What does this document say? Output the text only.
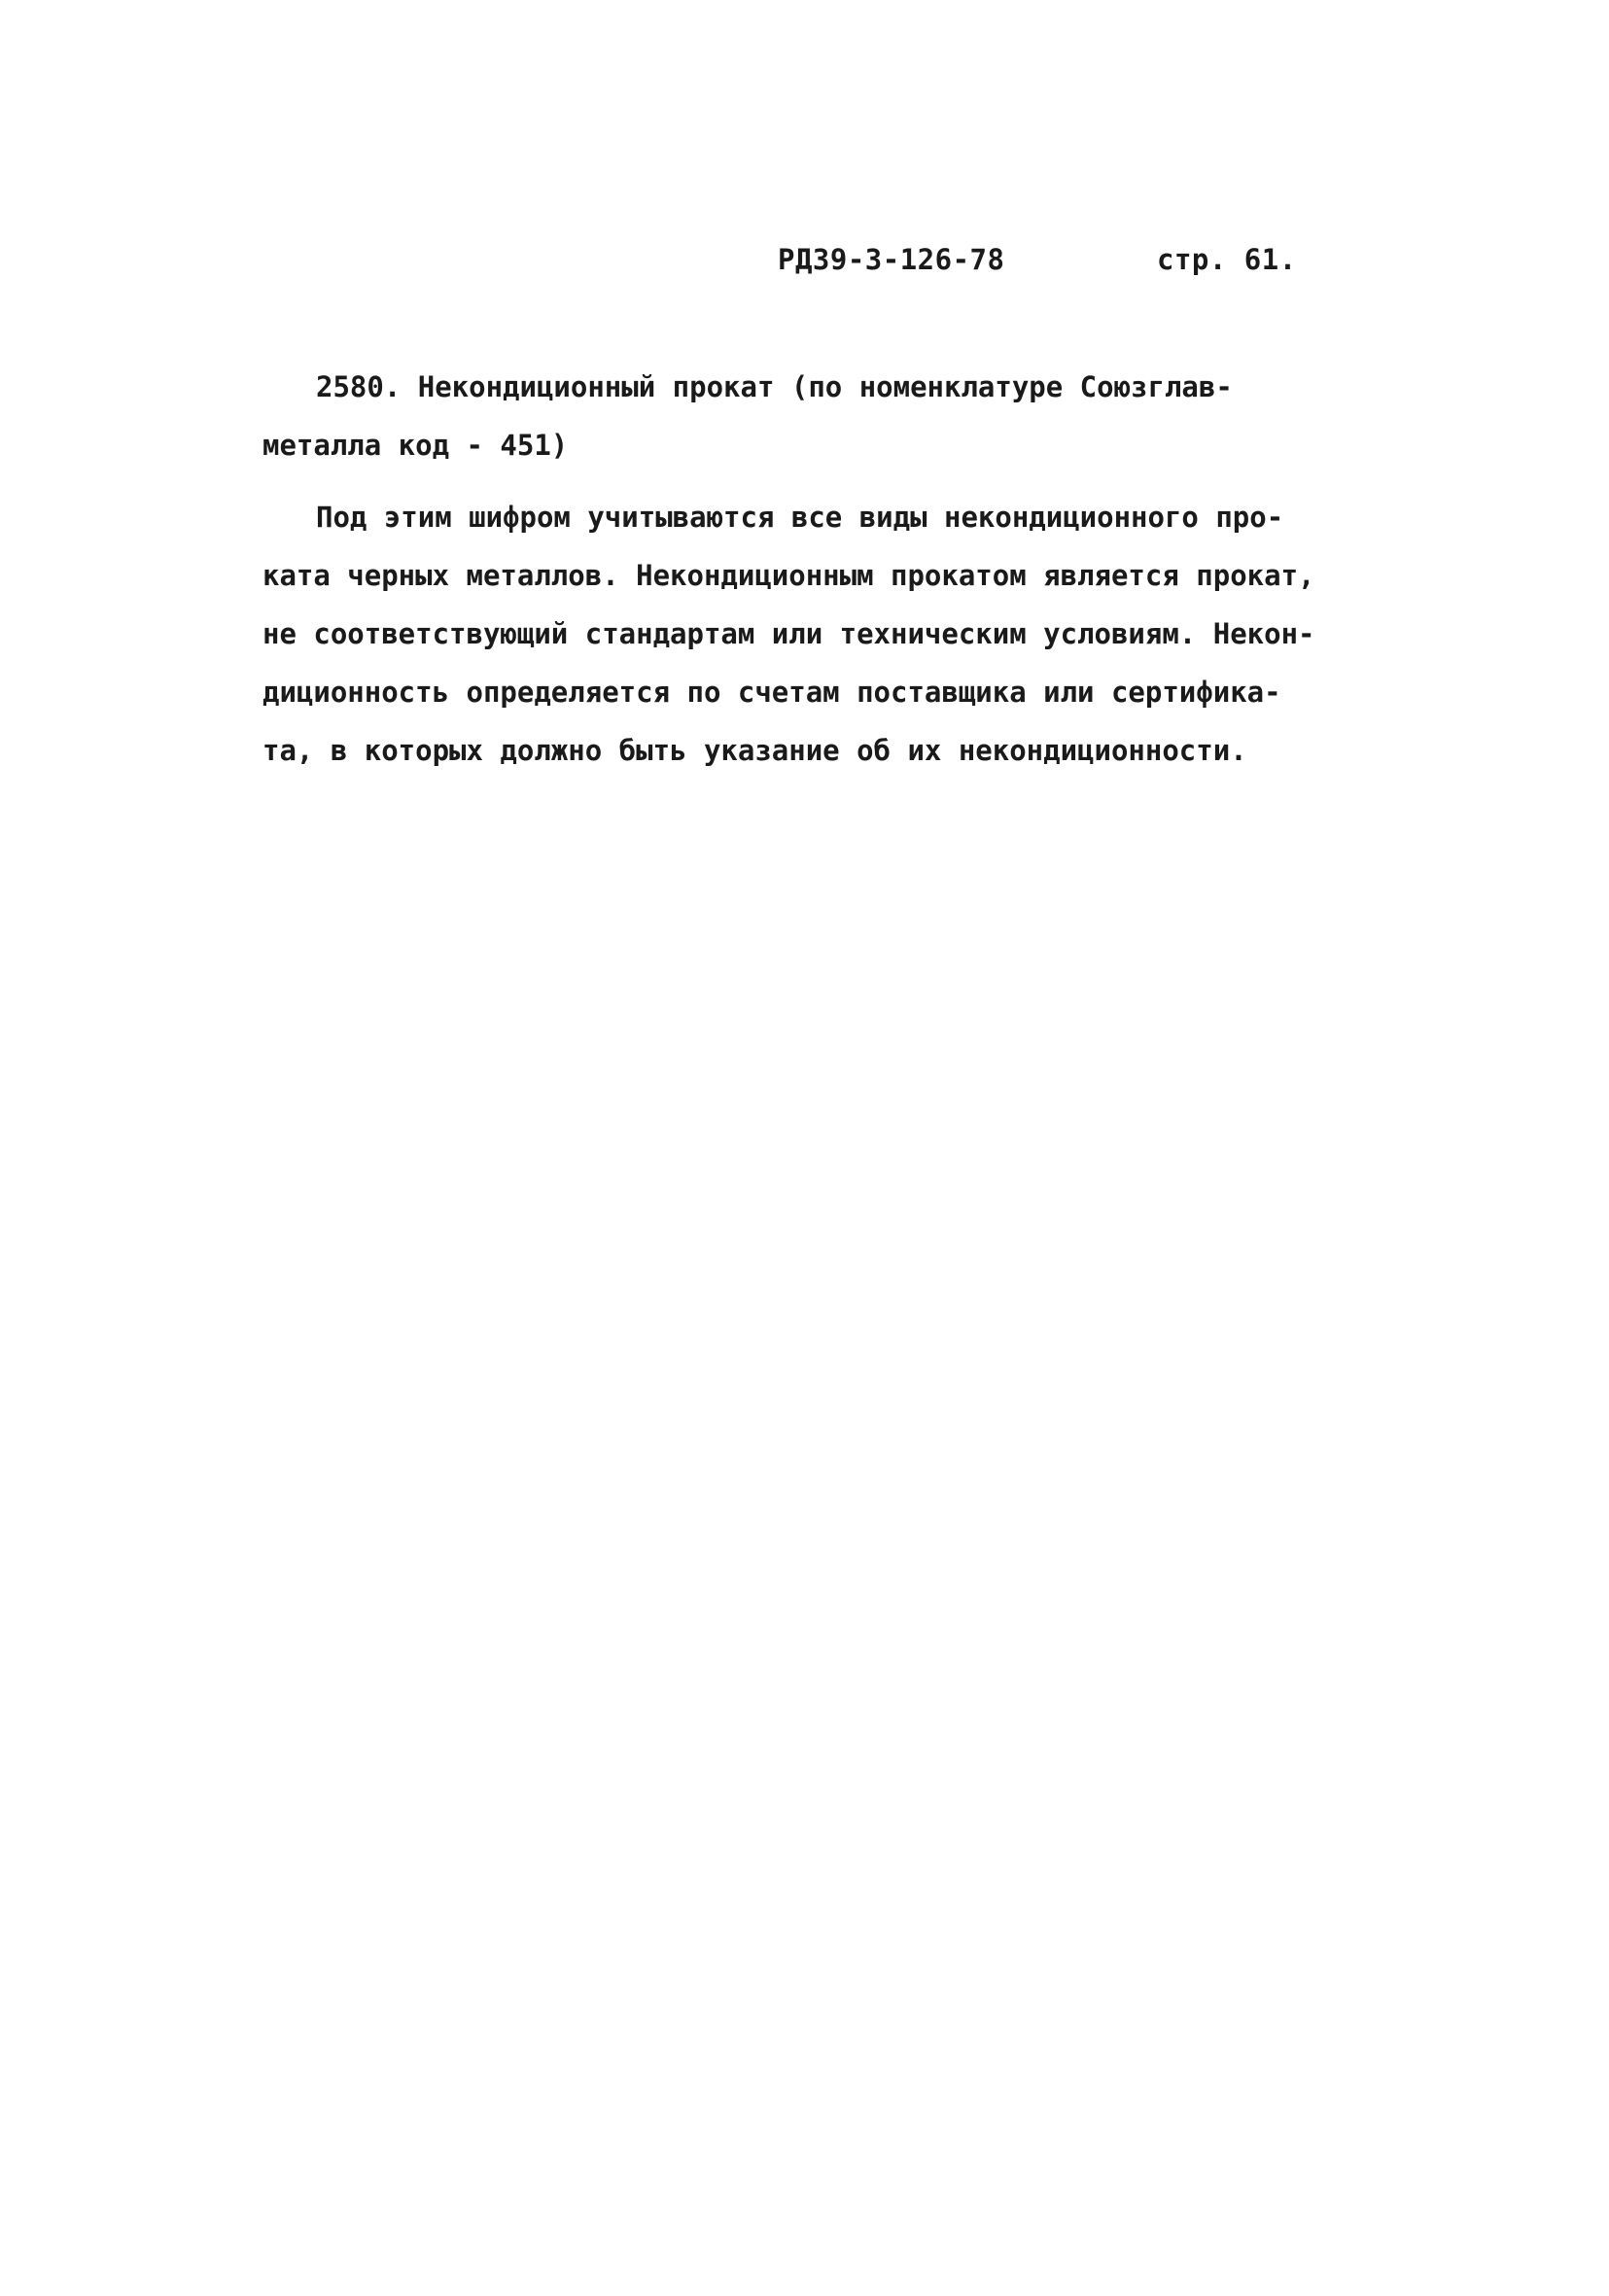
РД39-3-126-78	стр. 61.
2580. Некондиционный прокат (по номенклатуре Союзглав-
металла код - 451)
Под этим шифром учитываются все виды некондиционного про-
ката черных металлов. Некондиционным прокатом является прокат,
не соответствующий стандартам или техническим условиям. Некон-
диционность определяется по счетам поставщика или сертифика-
та, в которых должно быть указание об их некондиционности.
